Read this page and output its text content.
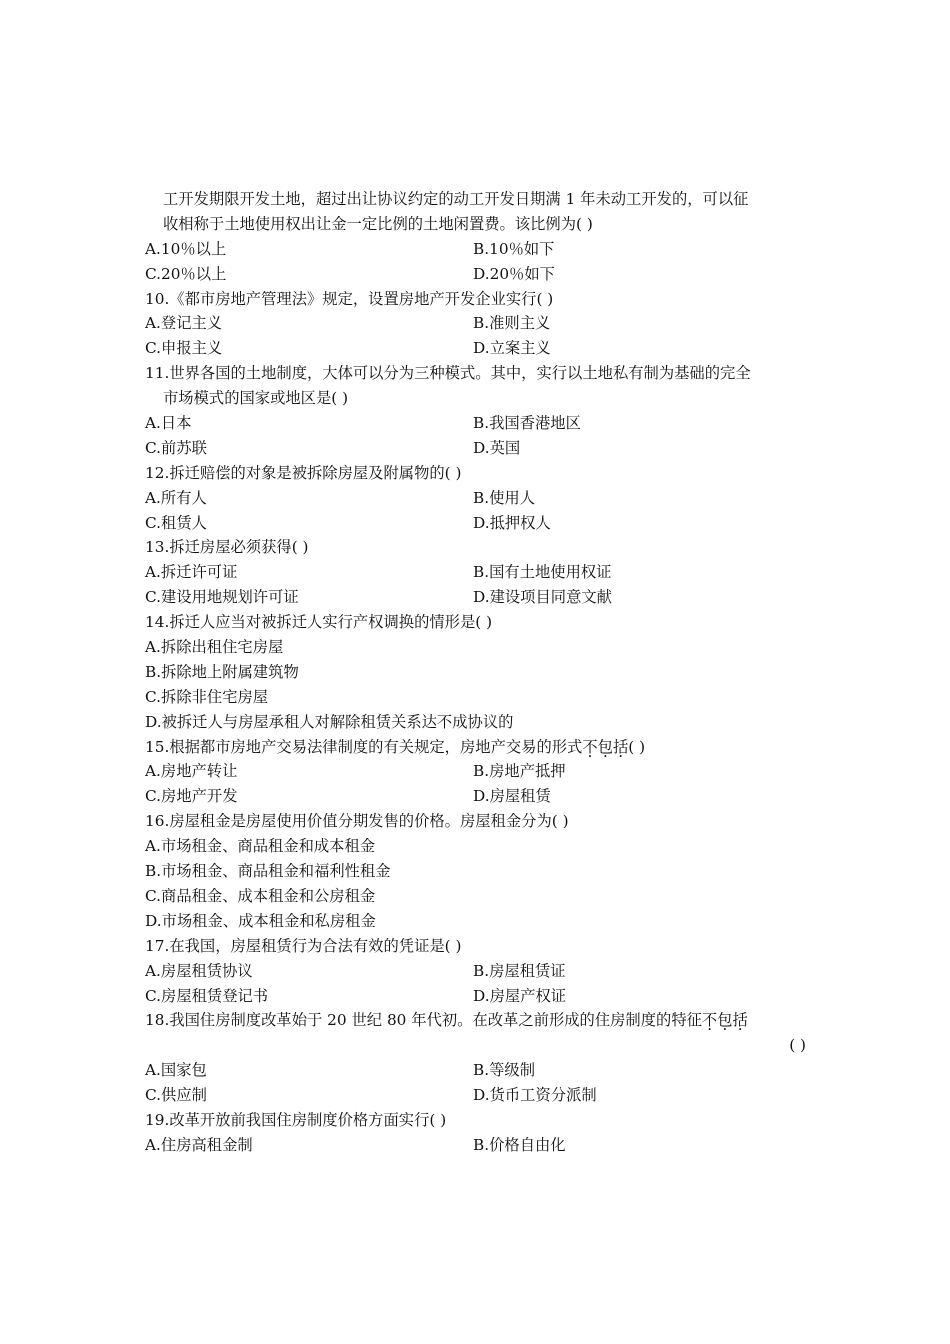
工开发期限开发土地，超过出让协议约定的动工开发日期满 1 年未动工开发的，可以征
收相称于土地使用权出让金一定比例的土地闲置费。该比例为( )
A.10％以上	B.10％如下
C.20％以上	D.20％如下
10.《都市房地产管理法》规定，设置房地产开发企业实行( )
A.登记主义	B.准则主义
C.申报主义	D.立案主义
11.世界各国的土地制度，大体可以分为三种模式。其中，实行以土地私有制为基础的完全
市场模式的国家或地区是( )
A.日本	B.我国香港地区
C.前苏联	D.英国
12.拆迁赔偿的对象是被拆除房屋及附属物的( )
A.所有人	B.使用人
C.租赁人	D.抵押权人
13.拆迁房屋必须获得( )
A.拆迁许可证	B.国有土地使用权证
C.建设用地规划许可证	D.建设项目同意文献
14.拆迁人应当对被拆迁人实行产权调换的情形是( )
A.拆除出租住宅房屋
B.拆除地上附属建筑物
C.拆除非住宅房屋
D.被拆迁人与房屋承租人对解除租赁关系达不成协议的
15.根据都市房地产交易法律制度的有关规定，房地产交易的形式不包括( )
A.房地产转让	B.房地产抵押
C.房地产开发	D.房屋租赁
16.房屋租金是房屋使用价值分期发售的价格。房屋租金分为( )
A.市场租金、商品租金和成本租金
B.市场租金、商品租金和福利性租金
C.商品租金、成本租金和公房租金
D.市场租金、成本租金和私房租金
17.在我国，房屋租赁行为合法有效的凭证是( )
A.房屋租赁协议	B.房屋租赁证
C.房屋租赁登记书	D.房屋产权证
18.我国住房制度改革始于 20 世纪 80 年代初。在改革之前形成的住房制度的特征不包括
( )
A.国家包	B.等级制
C.供应制	D.货币工资分派制
19.改革开放前我国住房制度价格方面实行( )
A.住房高租金制	B.价格自由化
